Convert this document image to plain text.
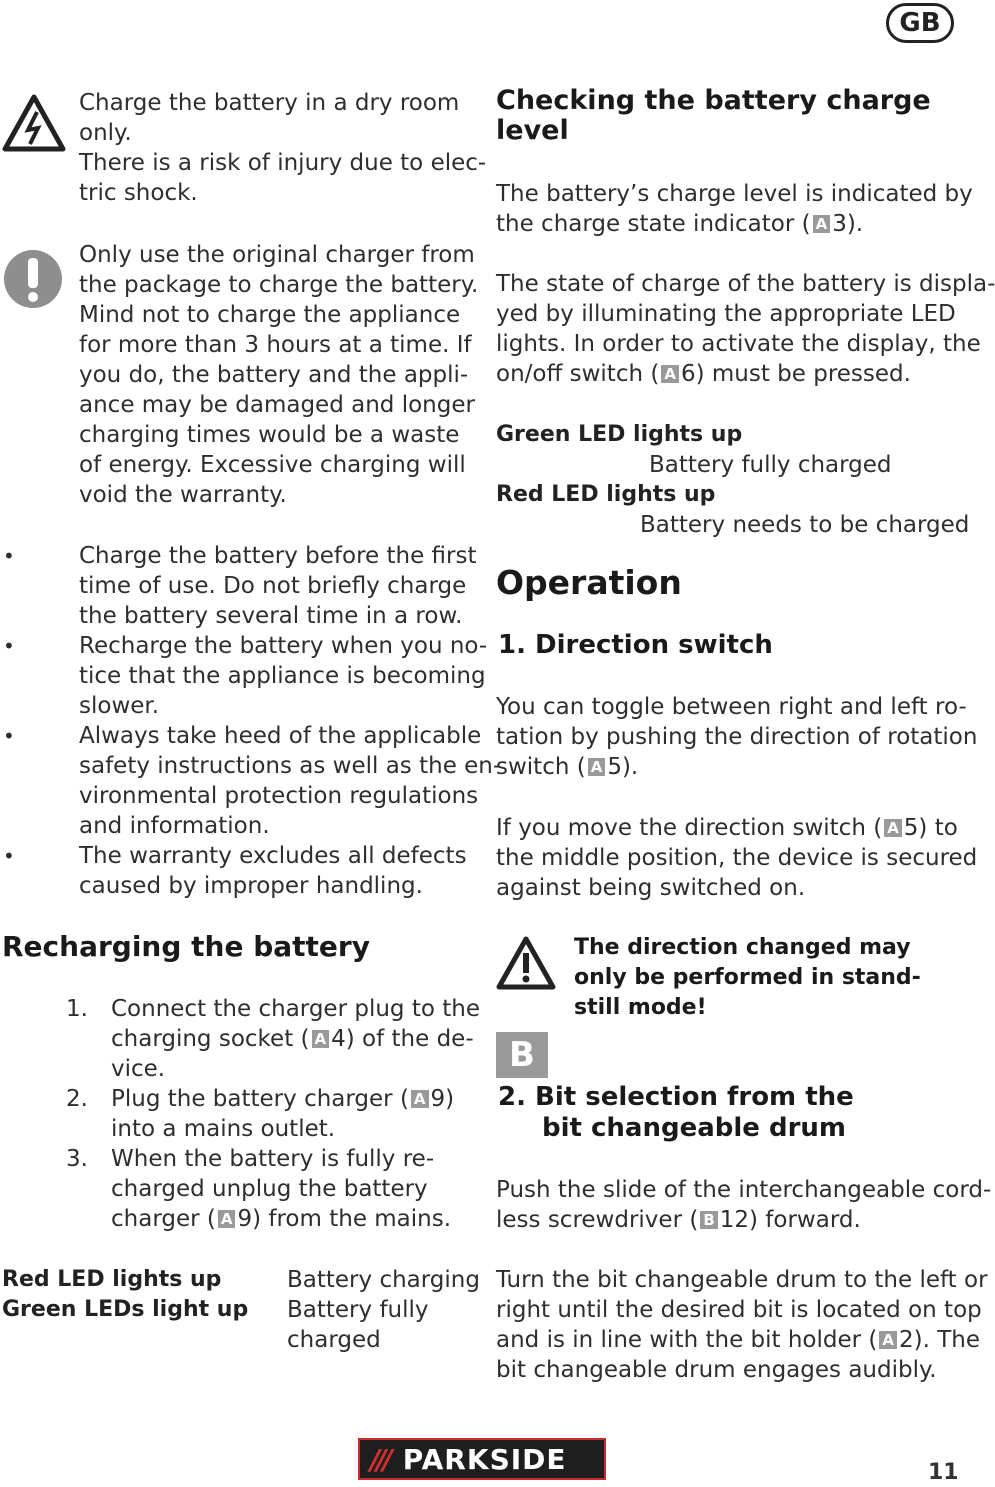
GB
Charge the battery in a dry room
only.
There is a risk of injury due to elec-
tric shock.
Only use the original charger from
the package to charge the battery.
Mind not to charge the appliance
for more than 3 hours at a time. If
you do, the battery and the appli-
ance may be damaged and longer
charging times would be a waste
of energy. Excessive charging will
void the warranty.
•	Charge the battery before the first
time of use. Do not briefly charge
the battery several time in a row.
•	Recharge the battery when you no-
tice that the appliance is becoming
slower.
•	Always take heed of the applicable
safety instructions as well as the en-
vironmental protection regulations
and information.
•	The warranty excludes all defects
caused by improper handling.
Recharging the battery
1. Connect the charger plug to the
charging socket ( A 4) of the de-
vice.
2. Plug the battery charger ( A 9)
into a mains outlet.
3. When the battery is fully re-
charged unplug the battery
charger ( A 9) from the mains.
Red LED lights up	Battery charging
Green LEDs light up Battery fully
charged
Checking the battery charge
level
The battery’s charge level is indicated by
the charge state indicator ( A 3).
The state of charge of the battery is displa-
yed by illuminating the appropriate LED
lights. In order to activate the display, the
on/off switch ( A 6) must be pressed.
Green LED lights up
Battery fully charged
Red LED lights up
Battery needs to be charged
Operation
1. Direction switch
You can toggle between right and left ro-
tation by pushing the direction of rotation
switch ( A 5).
If you move the direction switch ( A 5) to
the middle position, the device is secured
against being switched on.
The direction changed may
only be performed in stand-
still mode!
B
2. Bit selection from the
bit changeable drum
Push the slide of the interchangeable cord-
less screwdriver ( B 12) forward.
Turn the bit changeable drum to the left or
right until the desired bit is located on top
and is in line with the bit holder ( A 2). The
bit changeable drum engages audibly.
/// PARKSIDE	11
